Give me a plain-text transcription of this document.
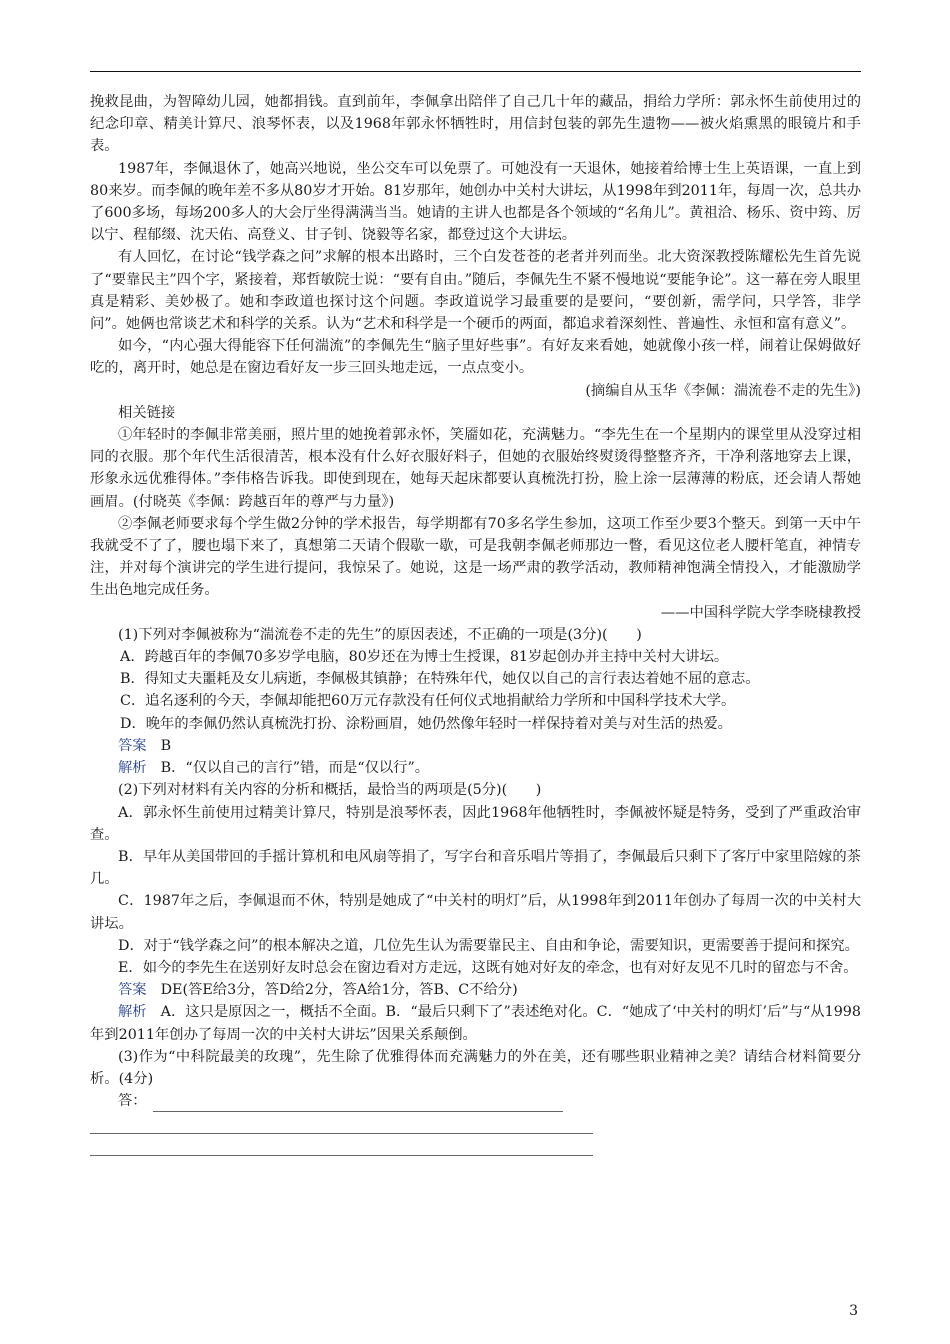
挽救昆曲，为智障幼儿园，她都捐钱。直到前年，李佩拿出陪伴了自己几十年的藏品，捐给力学所：郭永怀生前使用过的纪念印章、精美计算尺、浪琴怀表，以及1968年郭永怀牺牲时，用信封包装的郭先生遗物——被火焰熏黑的眼镜片和手表。

1987年，李佩退休了，她高兴地说，坐公交车可以免票了。可她没有一天退休，她接着给博士生上英语课，一直上到80来岁。而李佩的晚年差不多从80岁才开始。81岁那年，她创办中关村大讲坛，从1998年到2011年，每周一次，总共办了600多场，每场200多人的大会厅坐得满满当当。她请的主讲人也都是各个领域的“名角儿”。黄祖洽、杨乐、资中筠、厉以宁、程郁缀、沈天佑、高登义、甘子钊、饶毅等名家，都登过这个大讲坛。

有人回忆，在讨论“钱学森之问”求解的根本出路时，三个白发苍苍的老者并列而坐。北大资深教授陈耀松先生首先说了“要靠民主”四个字，紧接着，郑哲敏院士说：“要有自由。”随后，李佩先生不紧不慢地说“要能争论”。这一幕在旁人眼里真是精彩、美妙极了。她和李政道也探讨这个问题。李政道说学习最重要的是要问，“要创新，需学问，只学答，非学问”。她俩也常谈艺术和科学的关系。认为“艺术和科学是一个硬币的两面，都追求着深刻性、普遍性、永恒和富有意义”。

如今，“内心强大得能容下任何湍流”的李佩先生“脑子里好些事”。有好友来看她，她就像小孩一样，闹着让保姆做好吃的，离开时，她总是在窗边看好友一步三回头地走远，一点点变小。

(摘编自从玉华《李佩：湍流卷不走的先生》)

相关链接

①年轻时的李佩非常美丽，照片里的她挽着郭永怀，笑靥如花，充满魅力。“李先生在一个星期内的课堂里从没穿过相同的衣服。那个年代生活很清苦，根本没有什么好衣服好料子，但她的衣服始终熨烫得整整齐齐，干净利落地穿去上课，形象永远优雅得体。”李伟格告诉我。即使到现在，她每天起床都要认真梳洗打扮，脸上涂一层薄薄的粉底，还会请人帮她画眉。(付晓英《李佩：跨越百年的尊严与力量》)

②李佩老师要求每个学生做2分钟的学术报告，每学期都有70多名学生参加，这项工作至少要3个整天。到第一天中午我就受不了了，腰也塌下来了，真想第二天请个假歇一歇，可是我朝李佩老师那边一瞥，看见这位老人腰杆笔直，神情专注，并对每个演讲完的学生进行提问，我惊呆了。她说，这是一场严肃的教学活动，教师精神饱满全情投入，才能激励学生出色地完成任务。

——中国科学院大学李晓棣教授

(1)下列对李佩被称为“湍流卷不走的先生”的原因表述，不正确的一项是(3分)(　　)

A．跨越百年的李佩70多岁学电脑，80岁还在为博士生授课，81岁起创办并主持中关村大讲坛。

B．得知丈夫噩耗及女儿病逝，李佩极其镇静；在特殊年代，她仅以自己的言行表达着她不屈的意志。

C．追名逐利的今天，李佩却能把60万元存款没有任何仪式地捐献给力学所和中国科学技术大学。

D．晚年的李佩仍然认真梳洗打扮、涂粉画眉，她仍然像年轻时一样保持着对美与对生活的热爱。

答案 B

解析 B．“仅以自己的言行”错，而是“仅以行”。

(2)下列对材料有关内容的分析和概括，最恰当的两项是(5分)(　　)

A．郭永怀生前使用过精美计算尺，特别是浪琴怀表，因此1968年他牺牲时，李佩被怀疑是特务，受到了严重政治审查。

B．早年从美国带回的手摇计算机和电风扇等捐了，写字台和音乐唱片等捐了，李佩最后只剩下了客厅中家里陪嫁的茶几。

C．1987年之后，李佩退而不休，特别是她成了“中关村的明灯”后，从1998年到2011年创办了每周一次的中关村大讲坛。

D．对于“钱学森之问”的根本解决之道，几位先生认为需要靠民主、自由和争论，需要知识，更需要善于提问和探究。

E．如今的李先生在送别好友时总会在窗边看对方走远，这既有她对好友的牵念，也有对好友见不几时的留恋与不舍。

答案 DE(答E给3分，答D给2分，答A给1分，答B、C不给分)

解析 A．这只是原因之一，概括不全面。B．“最后只剩下了”表述绝对化。C．“她成了‘中关村的明灯’后”与“从1998年到2011年创办了每周一次的中关村大讲坛”因果关系颠倒。

(3)作为“中科院最美的玫瑰”，先生除了优雅得体而充满魅力的外在美，还有哪些职业精神之美？请结合材料简要分析。(4分)

答：

3
